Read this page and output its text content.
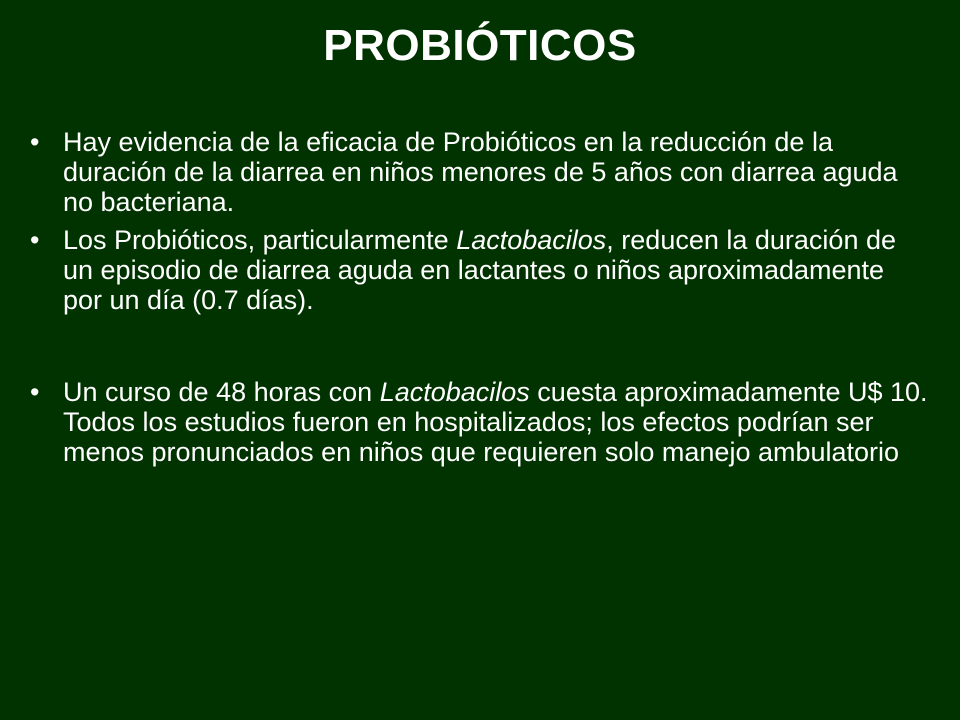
PROBIÓTICOS
• Hay evidencia de la eficacia de Probióticos en la reducción de la duración de la diarrea en niños menores de 5 años con diarrea aguda no bacteriana.
• Los Probióticos, particularmente Lactobacilos, reducen la duración de un episodio de diarrea aguda en lactantes o niños aproximadamente por un día (0.7 días).
• Un curso de 48 horas con Lactobacilos cuesta aproximadamente U$ 10. Todos los estudios fueron en hospitalizados; los efectos podrían ser menos pronunciados en niños que requieren solo manejo ambulatorio
